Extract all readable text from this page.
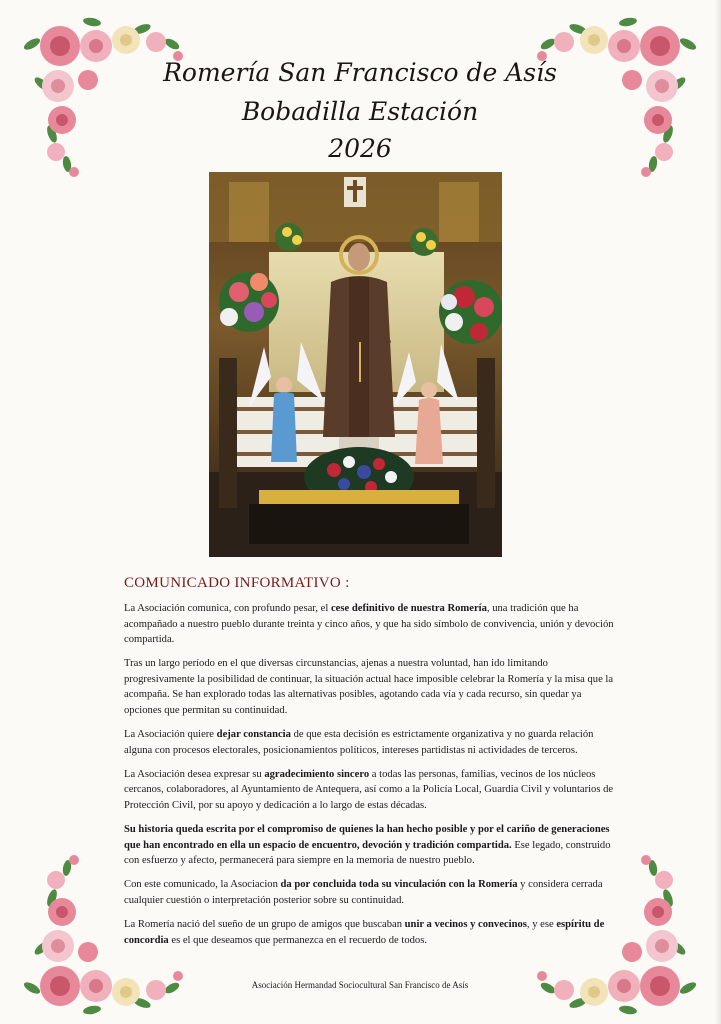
Romería San Francisco de Asís
Bobadilla Estación
2026
COMUNICADO INFORMATIVO :

La Asociación comunica, con profundo pesar, el cese definitivo de nuestra Romería, una tradición que ha acompañado a nuestro pueblo durante treinta y cinco años, y que ha sido símbolo de convivencia, unión y devoción compartida.

Tras un largo período en el que diversas circunstancias, ajenas a nuestra voluntad, han ido limitando progresivamente la posibilidad de continuar, la situación actual hace imposible celebrar la Romería y la misa que la acompaña. Se han explorado todas las alternativas posibles, agotando cada vía y cada recurso, sin quedar ya opciones que permitan su continuidad.

La Asociación quiere dejar constancia de que esta decisión es estrictamente organizativa y no guarda relación alguna con procesos electorales, posicionamientos políticos, intereses partidistas ni actividades de terceros.

La Asociación desea expresar su agradecimiento sincero a todas las personas, familias, vecinos de los núcleos cercanos, colaboradores, al Ayuntamiento de Antequera, así como a la Policía Local, Guardia Civil y voluntarios de Protección Civil, por su apoyo y dedicación a lo largo de estas décadas.

Su historia queda escrita por el compromiso de quienes la han hecho posible y por el cariño de generaciones que han encontrado en ella un espacio de encuentro, devoción y tradición compartida. Ese legado, construido con esfuerzo y afecto, permanecerá para siempre en la memoria de nuestro pueblo.

Con este comunicado, la Asociacion da por concluida toda su vinculación con la Romería y considera cerrada cualquier cuestión o interpretación posterior sobre su continuidad.

La Romería nació del sueño de un grupo de amigos que buscaban unir a vecinos y convecinos, y ese espíritu de concordia es el que deseamos que permanezca en el recuerdo de todos.

Asociación Hermandad Sociocultural San Francisco de Asís
